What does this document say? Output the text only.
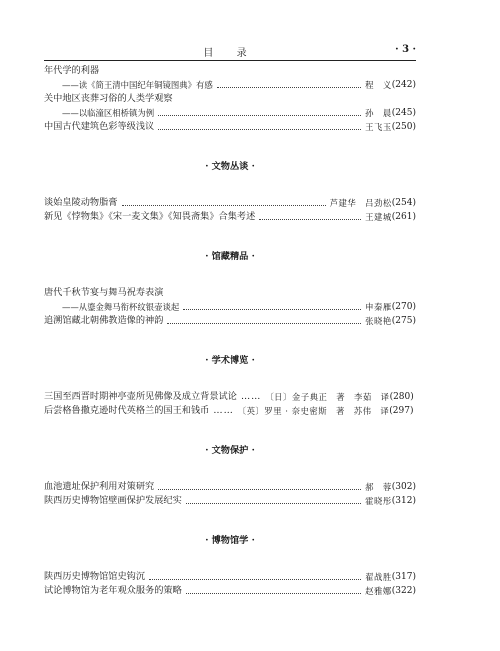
目 录	· 3 ·
年代学的利器
——读《简王清中国纪年铜镜图典》有感	程　义 (242)
关中地区丧葬习俗的人类学观察
——以临潼区相桥镇为例	孙　晨 (245)
中国古代建筑色彩等级浅议	王飞玉 (250)
· 文物丛谈 ·
谈始皇陵动物脂膏	芦建华　吕劲松 (254)
新见《悖物集》《宋一麦文集》《知畏斋集》合集考述	王建城 (261)
· 馆藏精品 ·
唐代千秋节宴与舞马祝寿表演
——从鎏金舞马衔杯纹银壶谈起	申秦雁 (270)
追溯馆藏北朝佛教造像的神韵	张晓艳 (275)
· 学术博览 ·
三国至西晋时期神亭壶所见佛像及成立背景试论 …… 〔日〕金子典正　著　李茹　译 (280)
后尝格鲁撒克逊时代英格兰的国王和钱币 …… 〔英〕罗里 · 奈史密斯　著　苏伟　译 (297)
· 文物保护 ·
血池遗址保护利用对策研究	郝　蓉 (302)
陕西历史博物馆壁画保护发展纪实	霍晓彤 (312)
· 博物馆学 ·
陕西历史博物馆馆史钩沉	翟战胜 (317)
试论博物馆为老年观众服务的策略	赵雅娜 (322)
